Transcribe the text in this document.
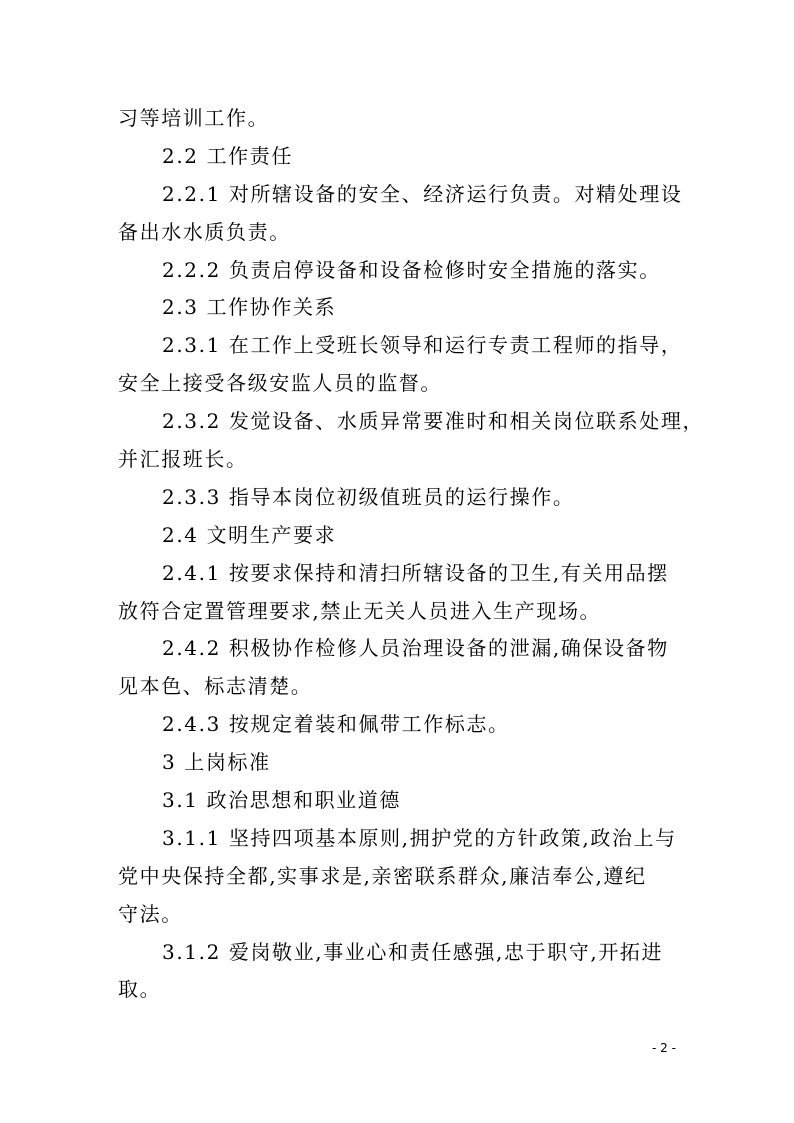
习等培训工作。
2.2 工作责任
2.2.1 对所辖设备的安全、经济运行负责。对精处理设
备出水水质负责。
2.2.2 负责启停设备和设备检修时安全措施的落实。
2.3 工作协作关系
2.3.1 在工作上受班长领导和运行专责工程师的指导，
安全上接受各级安监人员的监督。
2.3.2 发觉设备、水质异常要准时和相关岗位联系处理，
并汇报班长。
2.3.3 指导本岗位初级值班员的运行操作。
2.4 文明生产要求
2.4.1 按要求保持和清扫所辖设备的卫生,有关用品摆
放符合定置管理要求,禁止无关人员进入生产现场。
2.4.2 积极协作检修人员治理设备的泄漏,确保设备物
见本色、标志清楚。
2.4.3 按规定着装和佩带工作标志。
3 上岗标准
3.1 政治思想和职业道德
3.1.1 坚持四项基本原则,拥护党的方针政策,政治上与
党中央保持全都,实事求是,亲密联系群众,廉洁奉公,遵纪
守法。
3.1.2 爱岗敬业,事业心和责任感强,忠于职守,开拓进
取。
- 2 -
